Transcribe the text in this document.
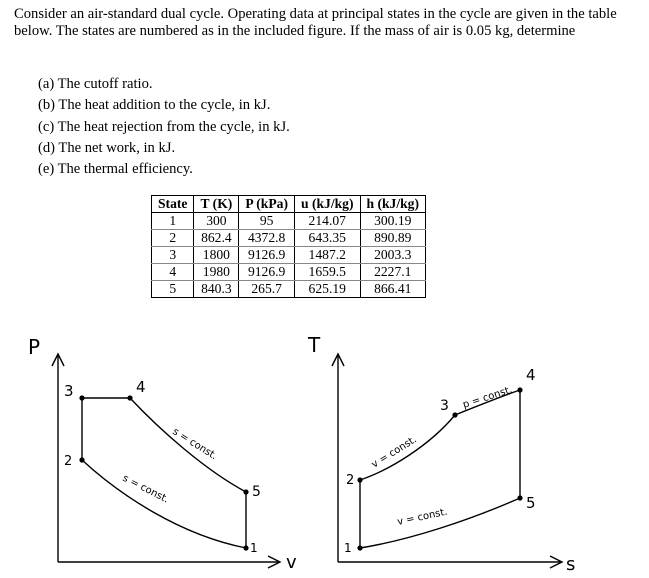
Consider an air-standard dual cycle. Operating data at principal states in the cycle are given in the table below. The states are numbered as in the included figure. If the mass of air is 0.05 kg, determine

(a) The cutoff ratio.
(b) The heat addition to the cycle, in kJ.
(c) The heat rejection from the cycle, in kJ.
(d) The net work, in kJ.
(e) The thermal efficiency.
State	T (K)	P (kPa)	u (kJ/kg)	h (kJ/kg)
1	300	95	214.07	300.19
2	862.4	4372.8	643.35	890.89
3	1800	9126.9	1487.2	2003.3
4	1980	9126.9	1659.5	2227.1
5	840.3	265.7	625.19	866.41
P
v
1
2
3	4
5
s = const.
s = const.
T
s
1
2
3
4
5
v = const.
p = const.
v = const.
